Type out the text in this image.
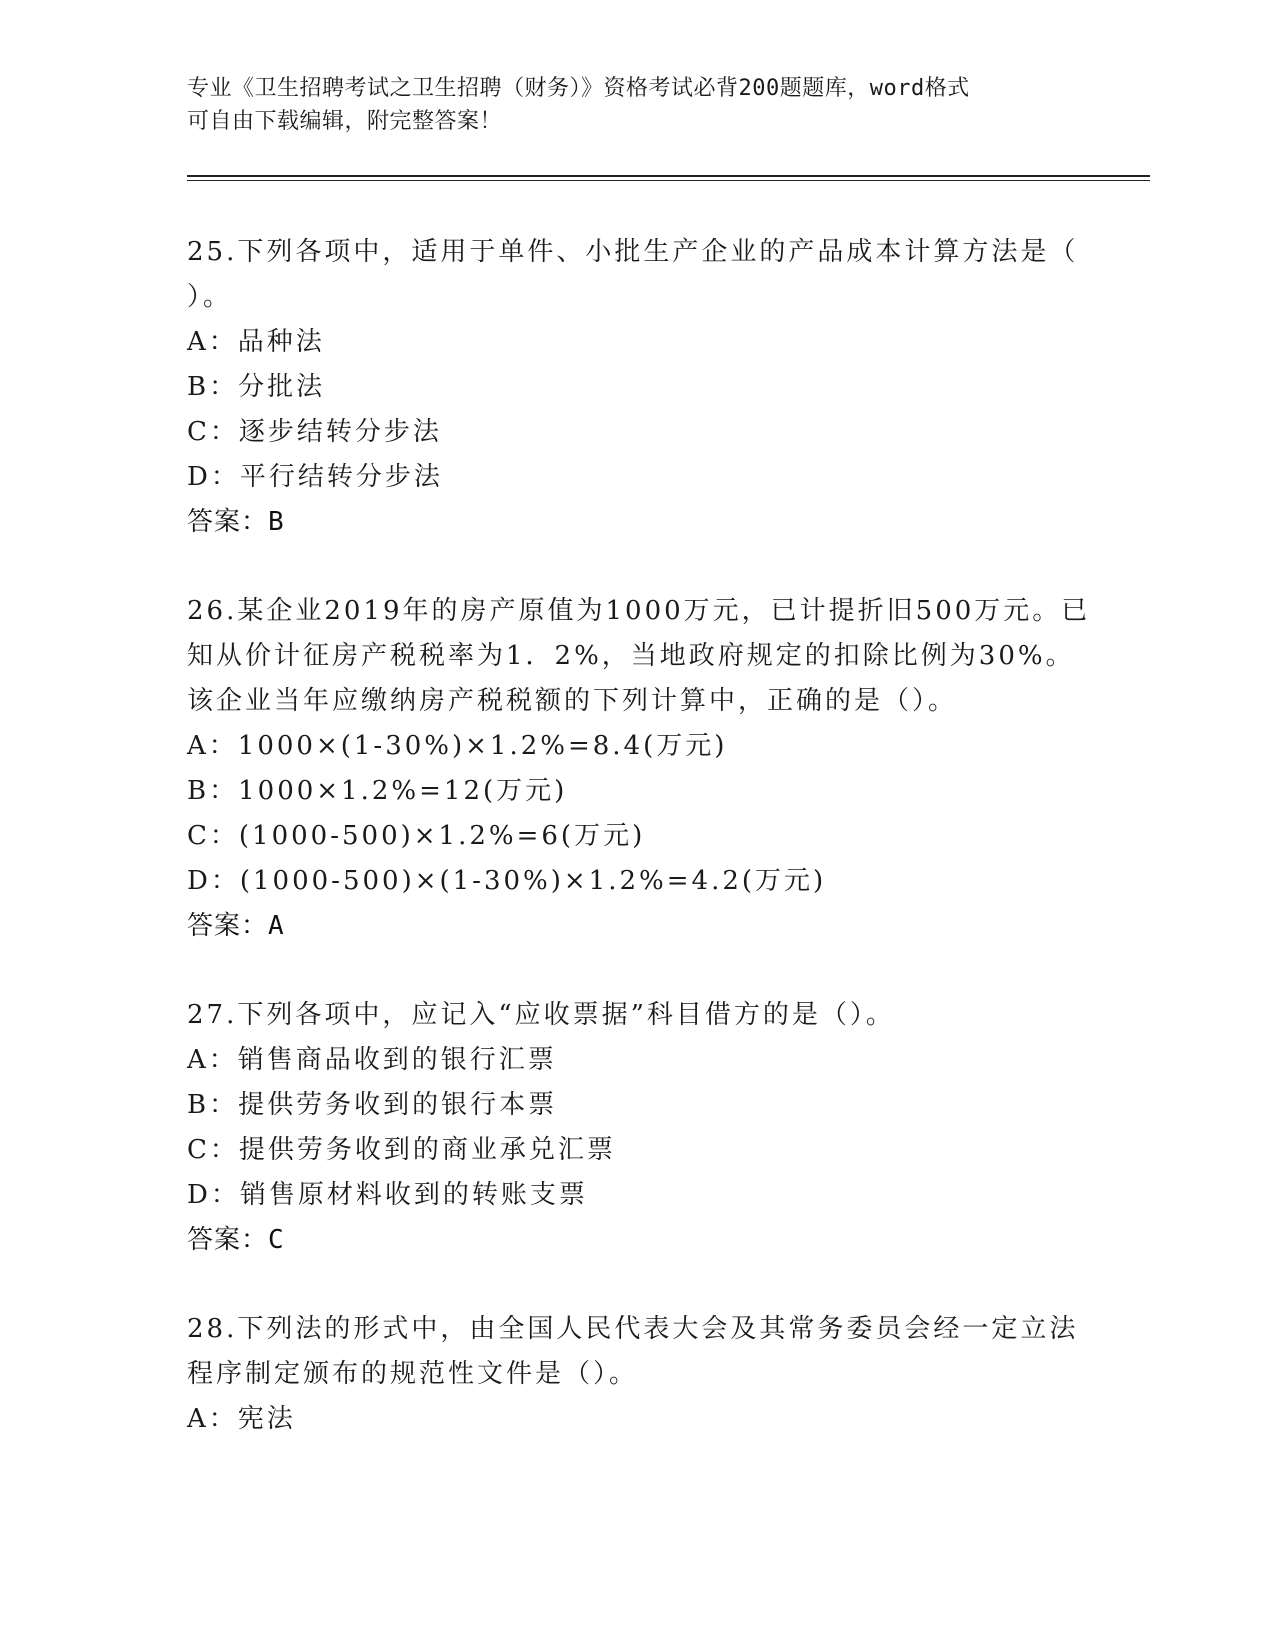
专业《卫生招聘考试之卫生招聘（财务）》资格考试必背200题题库，word格式
可自由下载编辑，附完整答案！
25.下列各项中，适用于单件、小批生产企业的产品成本计算方法是（
）。
A：品种法
B：分批法
C：逐步结转分步法
D：平行结转分步法
答案：B
26.某企业2019年的房产原值为1000万元，已计提折旧500万元。已
知从价计征房产税税率为1．2%，当地政府规定的扣除比例为30%。
该企业当年应缴纳房产税税额的下列计算中，正确的是（）。
A：1000×(1-30%)×1.2%=8.4(万元)
B：1000×1.2%=12(万元)
C：(1000-500)×1.2%=6(万元)
D：(1000-500)×(1-30%)×1.2%=4.2(万元)
答案：A
27.下列各项中，应记入“应收票据”科目借方的是（）。
A：销售商品收到的银行汇票
B：提供劳务收到的银行本票
C：提供劳务收到的商业承兑汇票
D：销售原材料收到的转账支票
答案：C
28.下列法的形式中，由全国人民代表大会及其常务委员会经一定立法
程序制定颁布的规范性文件是（）。
A：宪法
